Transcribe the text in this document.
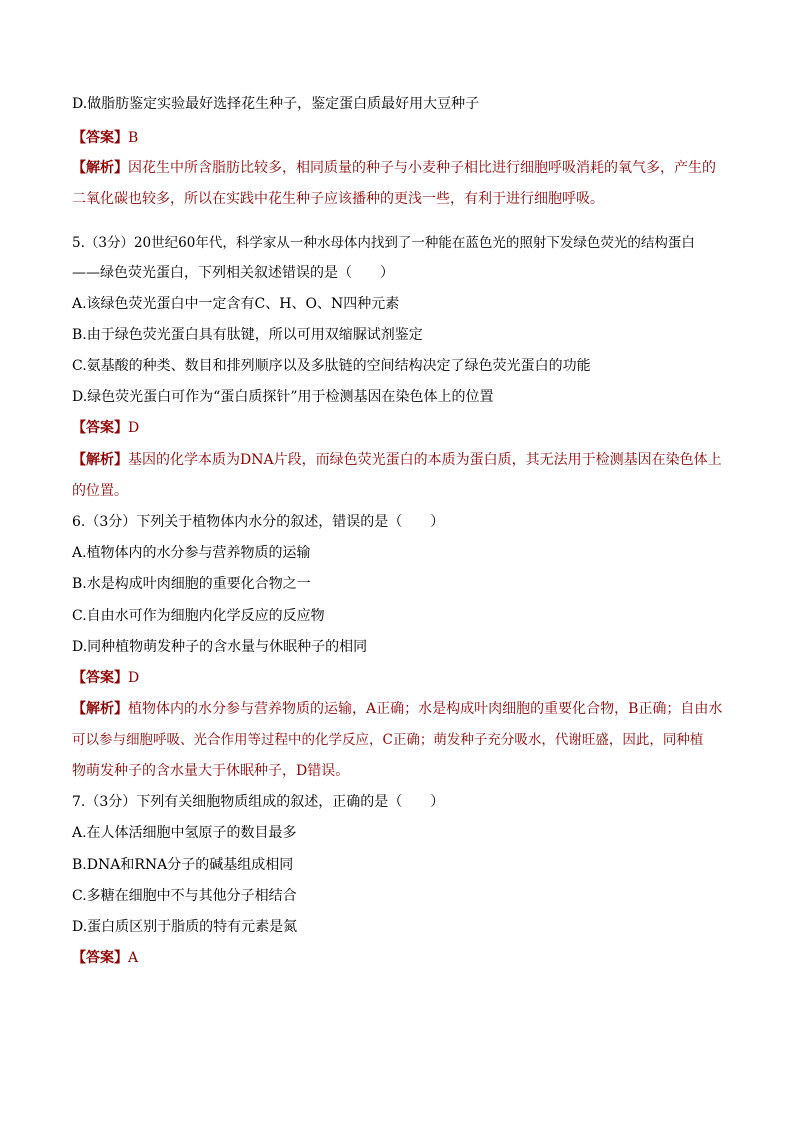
D.做脂肪鉴定实验最好选择花生种子，鉴定蛋白质最好用大豆种子
【答案】B
【解析】因花生中所含脂肪比较多，相同质量的种子与小麦种子相比进行细胞呼吸消耗的氧气多，产生的
二氧化碳也较多，所以在实践中花生种子应该播种的更浅一些，有利于进行细胞呼吸。
5.（3分）20世纪60年代，科学家从一种水母体内找到了一种能在蓝色光的照射下发绿色荧光的结构蛋白
——绿色荧光蛋白，下列相关叙述错误的是（　　）
A.该绿色荧光蛋白中一定含有C、H、O、N四种元素
B.由于绿色荧光蛋白具有肽键，所以可用双缩脲试剂鉴定
C.氨基酸的种类、数目和排列顺序以及多肽链的空间结构决定了绿色荧光蛋白的功能
D.绿色荧光蛋白可作为“蛋白质探针”用于检测基因在染色体上的位置
【答案】D
【解析】基因的化学本质为DNA片段，而绿色荧光蛋白的本质为蛋白质，其无法用于检测基因在染色体上
的位置。
6.（3分）下列关于植物体内水分的叙述，错误的是（　　）
A.植物体内的水分参与营养物质的运输
B.水是构成叶肉细胞的重要化合物之一
C.自由水可作为细胞内化学反应的反应物
D.同种植物萌发种子的含水量与休眠种子的相同
【答案】D
【解析】植物体内的水分参与营养物质的运输，A正确；水是构成叶肉细胞的重要化合物，B正确；自由水
可以参与细胞呼吸、光合作用等过程中的化学反应，C正确；萌发种子充分吸水，代谢旺盛，因此，同种植
物萌发种子的含水量大于休眠种子，D错误。
7.（3分）下列有关细胞物质组成的叙述，正确的是（　　）
A.在人体活细胞中氢原子的数目最多
B.DNA和RNA分子的碱基组成相同
C.多糖在细胞中不与其他分子相结合
D.蛋白质区别于脂质的特有元素是氮
【答案】A
